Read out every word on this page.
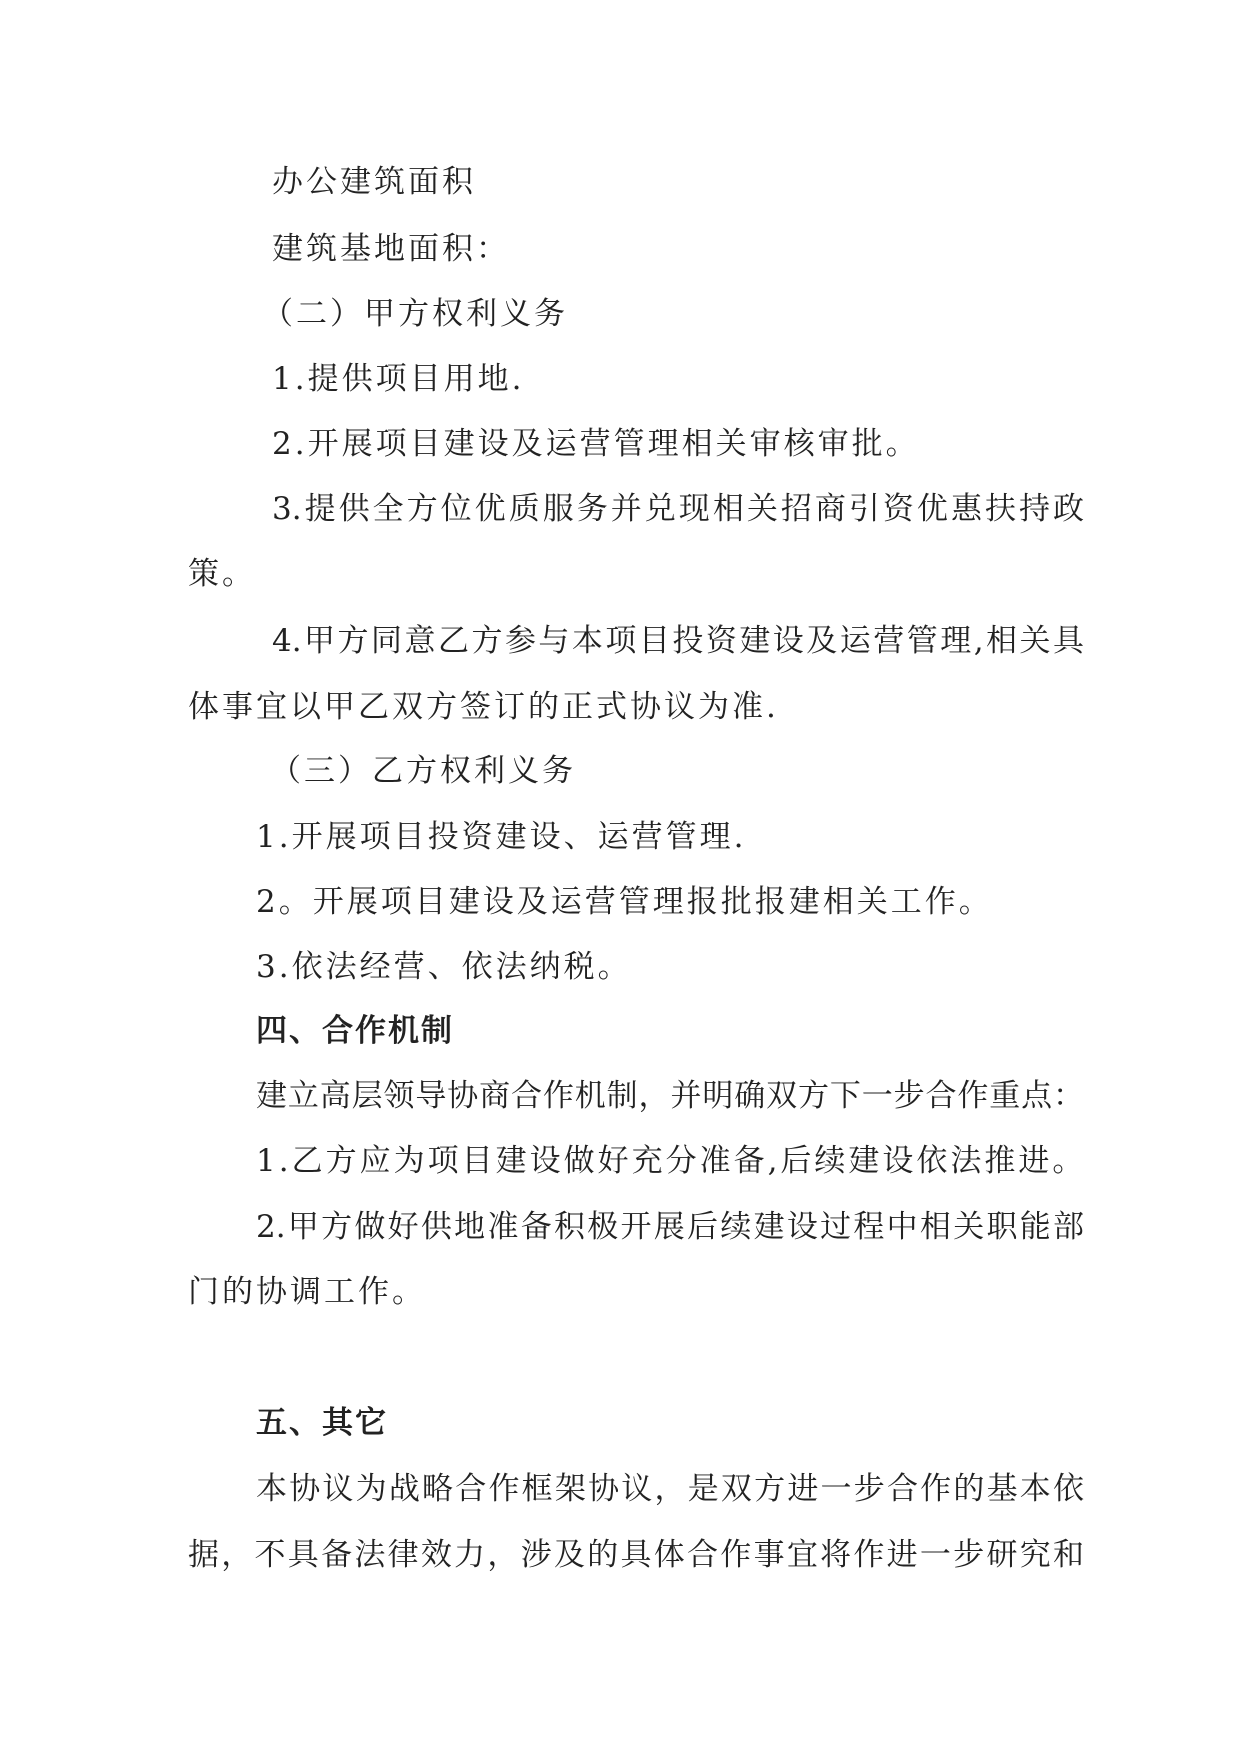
办公建筑面积
建筑基地面积：
（二）甲方权利义务
1.提供项目用地.
2.开展项目建设及运营管理相关审核审批。
3.提供全方位优质服务并兑现相关招商引资优惠扶持政
策。
4.甲方同意乙方参与本项目投资建设及运营管理,相关具
体事宜以甲乙双方签订的正式协议为准.
（三）乙方权利义务
1.开展项目投资建设、运营管理.
2。开展项目建设及运营管理报批报建相关工作。
3.依法经营、依法纳税。
四、合作机制
建立高层领导协商合作机制，并明确双方下一步合作重点：
1.乙方应为项目建设做好充分准备,后续建设依法推进。
2.甲方做好供地准备积极开展后续建设过程中相关职能部
门的协调工作。
五、其它
本协议为战略合作框架协议，是双方进一步合作的基本依
据，不具备法律效力，涉及的具体合作事宜将作进一步研究和
